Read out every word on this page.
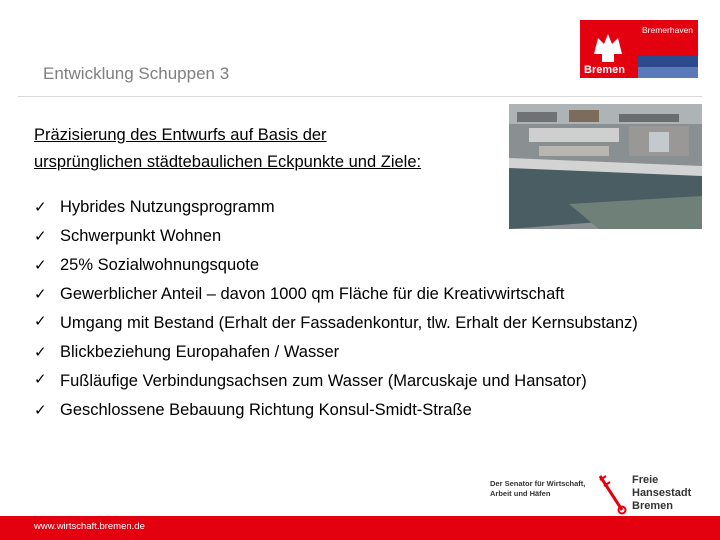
Entwicklung Schuppen 3
Bremerhaven
Bremen
Präzisierung des Entwurfs auf Basis der
ursprünglichen städtebaulichen Eckpunkte und Ziele:
✓ Hybrides Nutzungsprogramm
✓ Schwerpunkt Wohnen
✓ 25% Sozialwohnungsquote
✓ Gewerblicher Anteil – davon 1000 qm Fläche für die Kreativwirtschaft
✓ Umgang mit Bestand (Erhalt der Fassadenkontur, tlw. Erhalt der Kernsubstanz)
✓ Blickbeziehung Europahafen / Wasser
✓ Fußläufige Verbindungsachsen zum Wasser (Marcuskaje und Hansator)
✓ Geschlossene Bebauung Richtung Konsul-Smidt-Straße
Der Senator für Wirtschaft,
Arbeit und Häfen
Freie
Hansestadt
Bremen
www.wirtschaft.bremen.de
